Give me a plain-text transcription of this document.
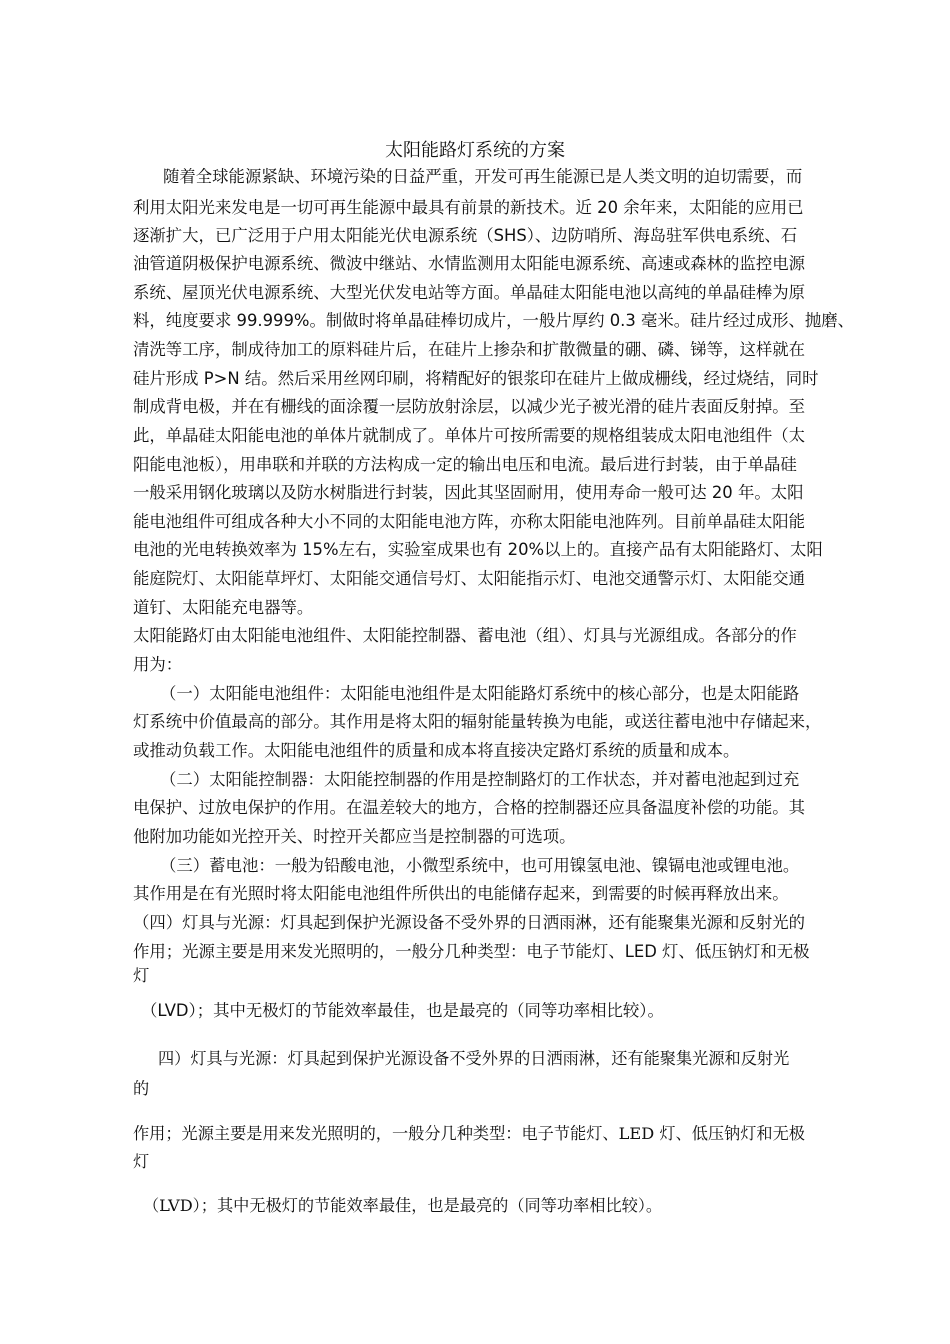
太阳能路灯系统的方案

随着全球能源紧缺、环境污染的日益严重，开发可再生能源已是人类文明的迫切需要，而

利用太阳光来发电是一切可再生能源中最具有前景的新技术。近 20 余年来，太阳能的应用已

逐渐扩大，已广泛用于户用太阳能光伏电源系统（SHS）、边防哨所、海岛驻军供电系统、石

油管道阴极保护电源系统、微波中继站、水情监测用太阳能电源系统、高速或森林的监控电源

系统、屋顶光伏电源系统、大型光伏发电站等方面。单晶硅太阳能电池以高纯的单晶硅棒为原

料，纯度要求 99.999%。制做时将单晶硅棒切成片，一般片厚约 0.3 毫米。硅片经过成形、抛磨、

清洗等工序，制成待加工的原料硅片后，在硅片上掺杂和扩散微量的硼、磷、锑等，这样就在

硅片形成 P>N 结。然后采用丝网印刷，将精配好的银浆印在硅片上做成栅线，经过烧结，同时

制成背电极，并在有栅线的面涂覆一层防放射涂层，以减少光子被光滑的硅片表面反射掉。至

此，单晶硅太阳能电池的单体片就制成了。单体片可按所需要的规格组装成太阳电池组件（太

阳能电池板），用串联和并联的方法构成一定的输出电压和电流。最后进行封装，由于单晶硅

一般采用钢化玻璃以及防水树脂进行封装，因此其坚固耐用，使用寿命一般可达 20 年。太阳

能电池组件可组成各种大小不同的太阳能电池方阵，亦称太阳能电池阵列。目前单晶硅太阳能

电池的光电转换效率为 15%左右，实验室成果也有 20%以上的。直接产品有太阳能路灯、太阳

能庭院灯、太阳能草坪灯、太阳能交通信号灯、太阳能指示灯、电池交通警示灯、太阳能交通

道钉、太阳能充电器等。

太阳能路灯由太阳能电池组件、太阳能控制器、蓄电池（组）、灯具与光源组成。各部分的作

用为：

（一）太阳能电池组件：太阳能电池组件是太阳能路灯系统中的核心部分，也是太阳能路

灯系统中价值最高的部分。其作用是将太阳的辐射能量转换为电能，或送往蓄电池中存储起来，

或推动负载工作。太阳能电池组件的质量和成本将直接决定路灯系统的质量和成本。

（二）太阳能控制器：太阳能控制器的作用是控制路灯的工作状态，并对蓄电池起到过充

电保护、过放电保护的作用。在温差较大的地方，合格的控制器还应具备温度补偿的功能。其

他附加功能如光控开关、时控开关都应当是控制器的可选项。

（三）蓄电池：一般为铅酸电池，小微型系统中，也可用镍氢电池、镍镉电池或锂电池。

其作用是在有光照时将太阳能电池组件所供出的电能储存起来，到需要的时候再释放出来。

（四）灯具与光源：灯具起到保护光源设备不受外界的日洒雨淋，还有能聚集光源和反射光的

作用；光源主要是用来发光照明的，一般分几种类型：电子节能灯、LED 灯、低压钠灯和无极

灯

（LVD）；其中无极灯的节能效率最佳，也是最亮的（同等功率相比较）。

四）灯具与光源：灯具起到保护光源设备不受外界的日洒雨淋，还有能聚集光源和反射光

的

作用；光源主要是用来发光照明的，一般分几种类型：电子节能灯、LED 灯、低压钠灯和无极

灯

（LVD）；其中无极灯的节能效率最佳，也是最亮的（同等功率相比较）。
